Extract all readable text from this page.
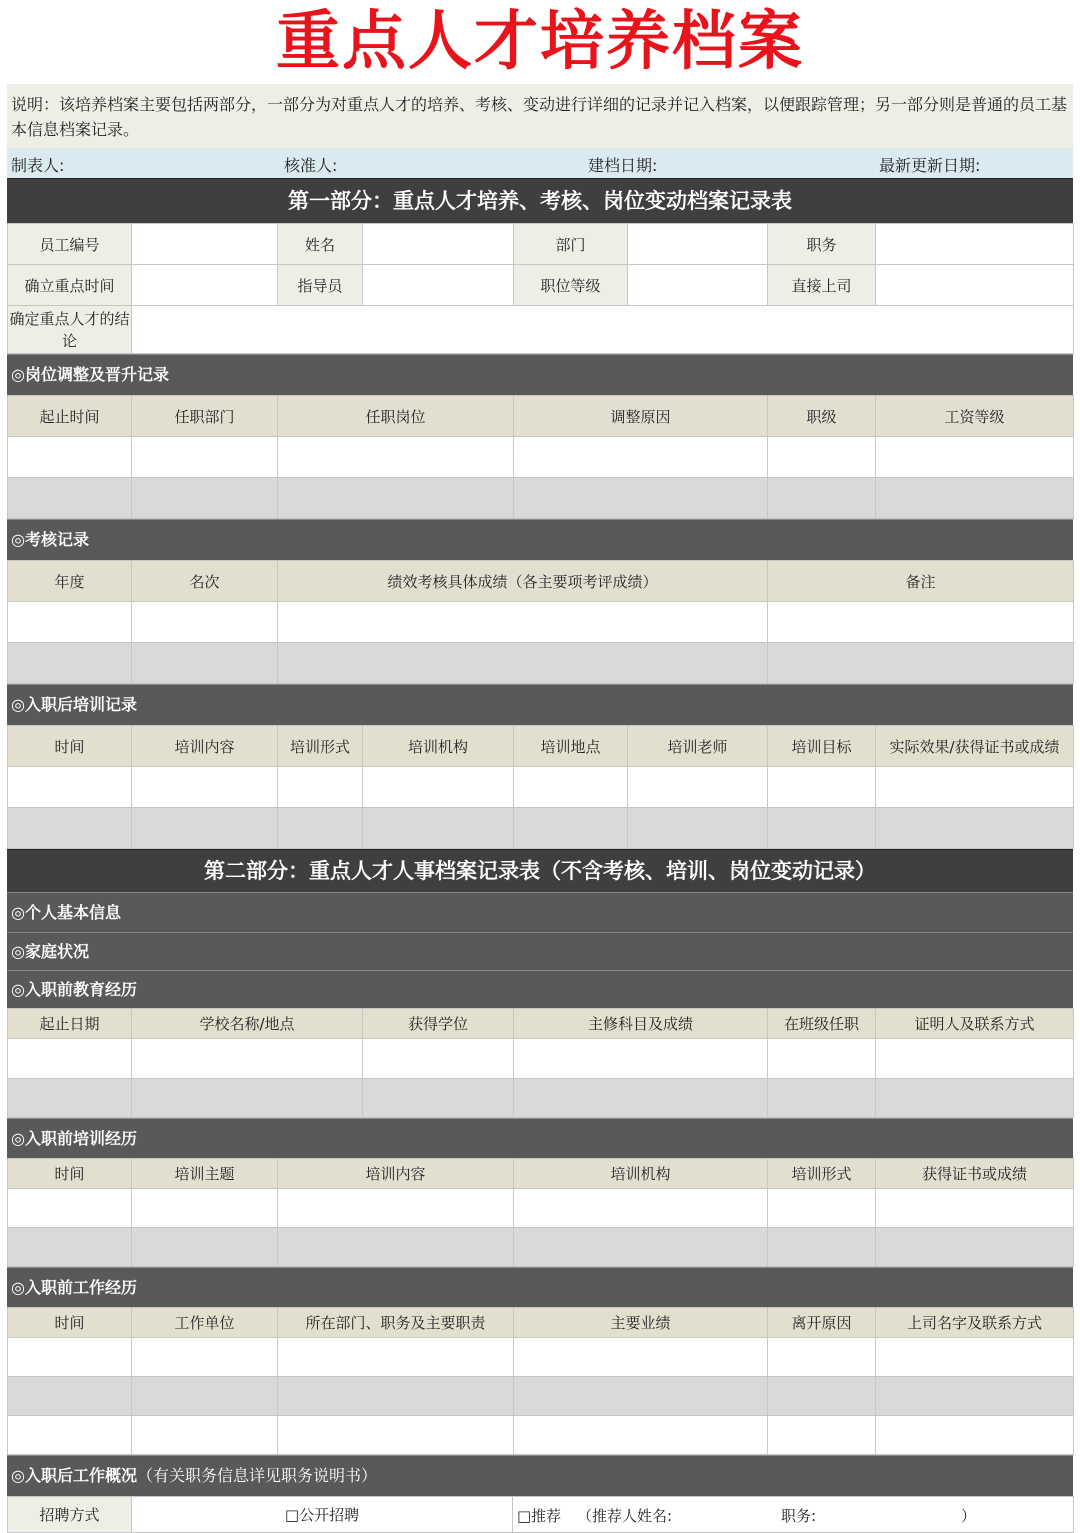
重点人才培养档案
说明：该培养档案主要包括两部分，一部分为对重点人才的培养、考核、变动进行详细的记录并记入档案，以便跟踪管理；另一部分则是普通的员工基本信息档案记录。
制表人:	核准人:	建档日期:	最新更新日期:
第一部分：重点人才培养、考核、岗位变动档案记录表
员工编号		姓名		部门		职务	
确立重点时间		指导员		职位等级		直接上司	
确定重点人才的结论							
◎岗位调整及晋升记录
起止时间	任职部门	任职岗位	调整原因	职级	工资等级

◎考核记录
年度	名次	绩效考核具体成绩（各主要项考评成绩）	备注

◎入职后培训记录
时间	培训内容	培训形式	培训机构	培训地点	培训老师	培训目标	实际效果/获得证书或成绩

第二部分：重点人才人事档案记录表（不含考核、培训、岗位变动记录）
◎个人基本信息
◎家庭状况
◎入职前教育经历
起止日期	学校名称/地点	获得学位	主修科目及成绩	在班级任职	证明人及联系方式

◎入职前培训经历
时间	培训主题	培训内容	培训机构	培训形式	获得证书或成绩

◎入职前工作经历
时间	工作单位	所在部门、职务及主要职责	主要业绩	离开原因	上司名字及联系方式

◎入职后工作概况（有关职务信息详见职务说明书）
招聘方式	□公开招聘	□推荐 （推荐人姓名:	职务:	）
